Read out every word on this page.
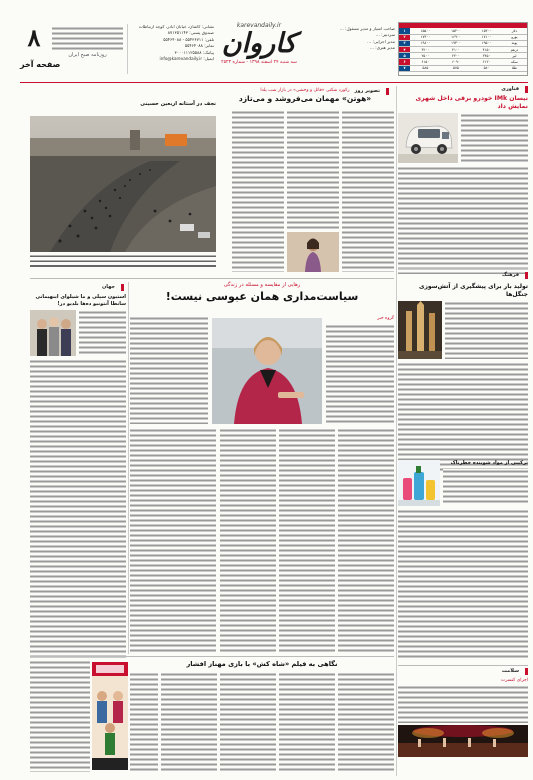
دلار	۱۵۳۰۰	۱۵۲۰۰	۱۵۵۰۰	۱
یورو	۱۷۱۰۰	۱۶۹۰۰	۱۷۳۰۰	۲
پوند	۱۹۵۰۰	۱۹۳۰۰	۱۹۸۰۰	۳
درهم	۴۱۵۰	۴۱۰۰	۴۲۰۰	۴
لیر	۲۴۵۰	۲۴۰۰	۲۵۰۰	۵
سکه	۶۱۲۰	۶۰۹۰	۶۱۵۰	۶
طلا	۵۸۰	۵۷۵	۵۸۵	۷
صاحب امتیاز و مدیر مسئول: ...
سردبیر: ...
مدیر اجرایی: ...
مدیر هنری: ...
karevandaily.ir
کاروان
سه شنبه ۲۴ اسفند ۱۳۹۸ - شماره ۲۵۲۳
نشانی: کاشان، خیابان اباذر، کوچه ارتباطات
صندوق پستی: ۸۷۱۳۵۱۱۴۳
تلفن: ۵۵۴۳۶۷۱۱ - ۵۵۴۶۴۰۸۸
نمابر: ۵۵۴۶۴۰۸۸
پیامک: ۳۰۰۰۱۱۱۲۵۵۸۸
ایمیل: info@karevandaily.ir
روزنامه صبح ایران
۸
صفحه آخر
فناوری
نیسان IMk خودرو برقی داخل شهری نمایش داد
فرهنگ
تولید بار برای پیشگیری از آتش‌سوزی جنگل‌ها
ترکیبی از مواد شوینده خطرناک
سلامت
اجرای کنسرت
رکورد شکنی «قاتل و وحشی» در بازار شب یلدا
«هوتن» مهمان می‌فروشد و می‌تازد
تصویر روز
نجف در آستانه اربعین حسینی
رهایی از مقایسه و مسئله در زندگی
سیاست‌مداری همان عبوسی نیست!
گروه خبر
جهان
استیون سپلی و ما شیلوای اینهیمانی سانطا آنتونیو ده‌ها بلدیو در!
نگاهی به فیلم «شاه کش» با بازی مهناز افشار
